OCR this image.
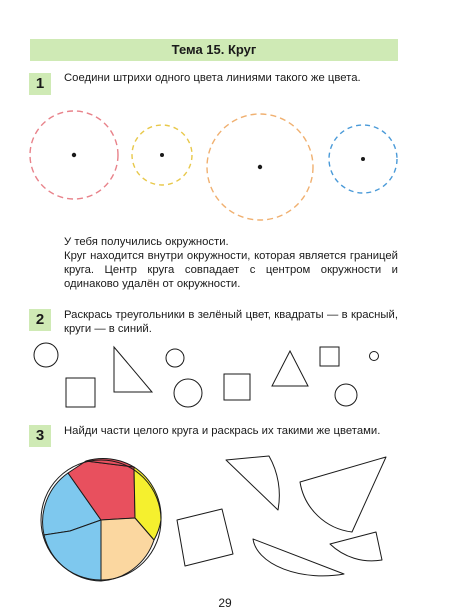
Тема 15. Круг
1	Соедини штрихи одного цвета линиями такого же цвета.

У тебя получились окружности.

Круг находится внутри окружности, которая является границей круга. Центр круга совпадает с центром окружности и одинаково удалён от окружности.

2	Раскрась треугольники в зелёный цвет, квадраты — в красный, круги — в синий.
3	Найди части целого круга и раскрась их такими же цветами.
29
